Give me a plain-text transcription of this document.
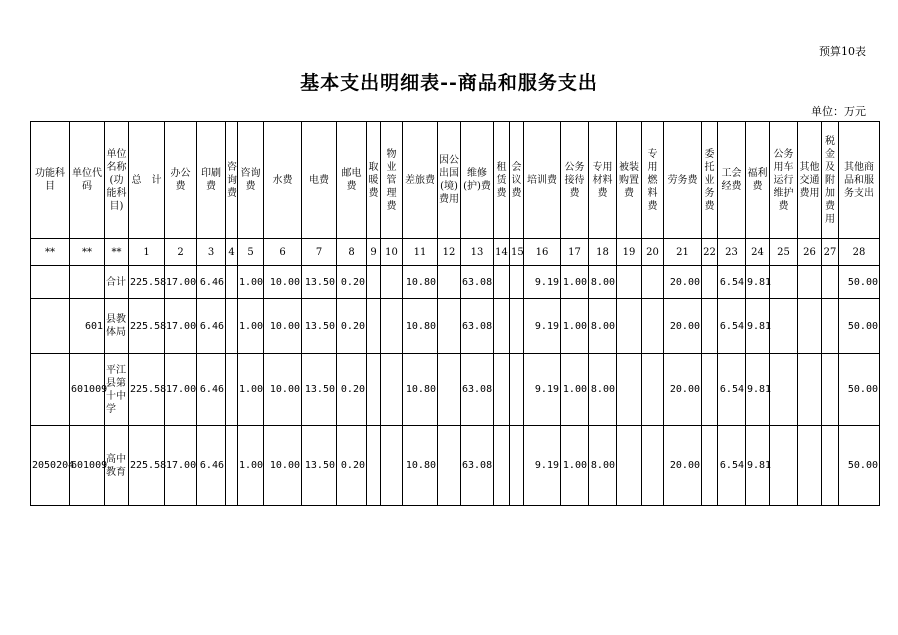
预算10表
基本支出明细表--商品和服务支出
单位：万元
功能科目	单位代码	单位名称(功能科目)	总　计	办公费	印刷费	咨询费	咨询费	水费	电费	邮电费	取暖费	物业管理费	差旅费	因公出国(境)费用	维修(护)费	租赁费	会议费	培训费	公务接待费	专用材料费	被装购置费	专用燃料费	劳务费	委托业务费	工会经费	福利费	公务用车运行维护费	其他交通费用	税金及附加费用	其他商品和服务支出
**	**	**	1	2	3	4	5	6	7	8	9	10	11	12	13	14	15	16	17	18	19	20	21	22	23	24	25	26	27	28
		合计	225.58	17.00	6.46		1.00	10.00	13.50	0.20			10.80		63.08			9.19	1.00	8.00			20.00		6.54	9.81				50.00
	601	县教体局	225.58	17.00	6.46		1.00	10.00	13.50	0.20			10.80		63.08			9.19	1.00	8.00			20.00		6.54	9.81				50.00
	601009	平江县第十中学	225.58	17.00	6.46		1.00	10.00	13.50	0.20			10.80		63.08			9.19	1.00	8.00			20.00		6.54	9.81				50.00
2050204	601009	高中教育	225.58	17.00	6.46		1.00	10.00	13.50	0.20			10.80		63.08			9.19	1.00	8.00			20.00		6.54	9.81				50.00
